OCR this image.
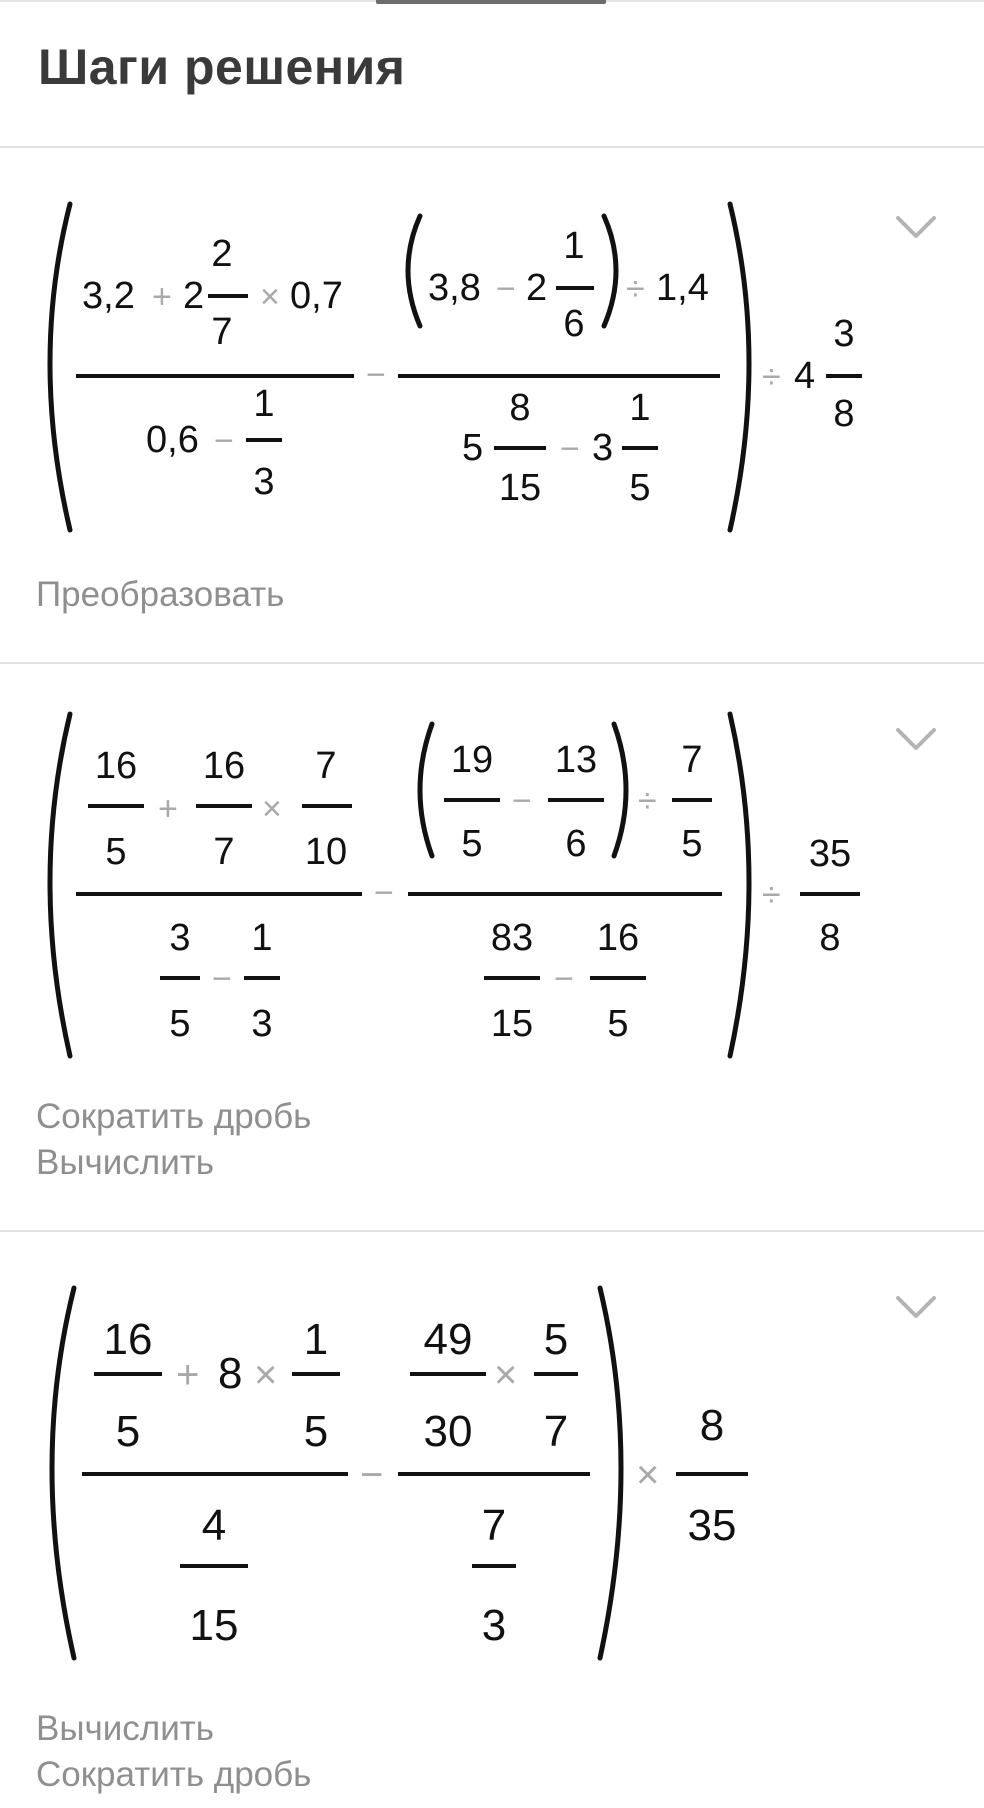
Шаги решения
3,2 + 2
2
7
× 0,7
0,6 −
1
3
−
3,8 − 2
1
6
÷ 1,4
5
8
15
− 3
1
5
÷ 4
3
8
Преобразовать
16
5
+
16
7
×
7
10
3
5
−
1
3
−
19
5
−
13
6
÷
7
5
83
15
−
16
5
÷
35
8
Сократить дробь
Вычислить
16
5
+ 8 ×
1
5
4
15
−
49
30
×
5
7
7
3
×
8
35
Вычислить
Сократить дробь
